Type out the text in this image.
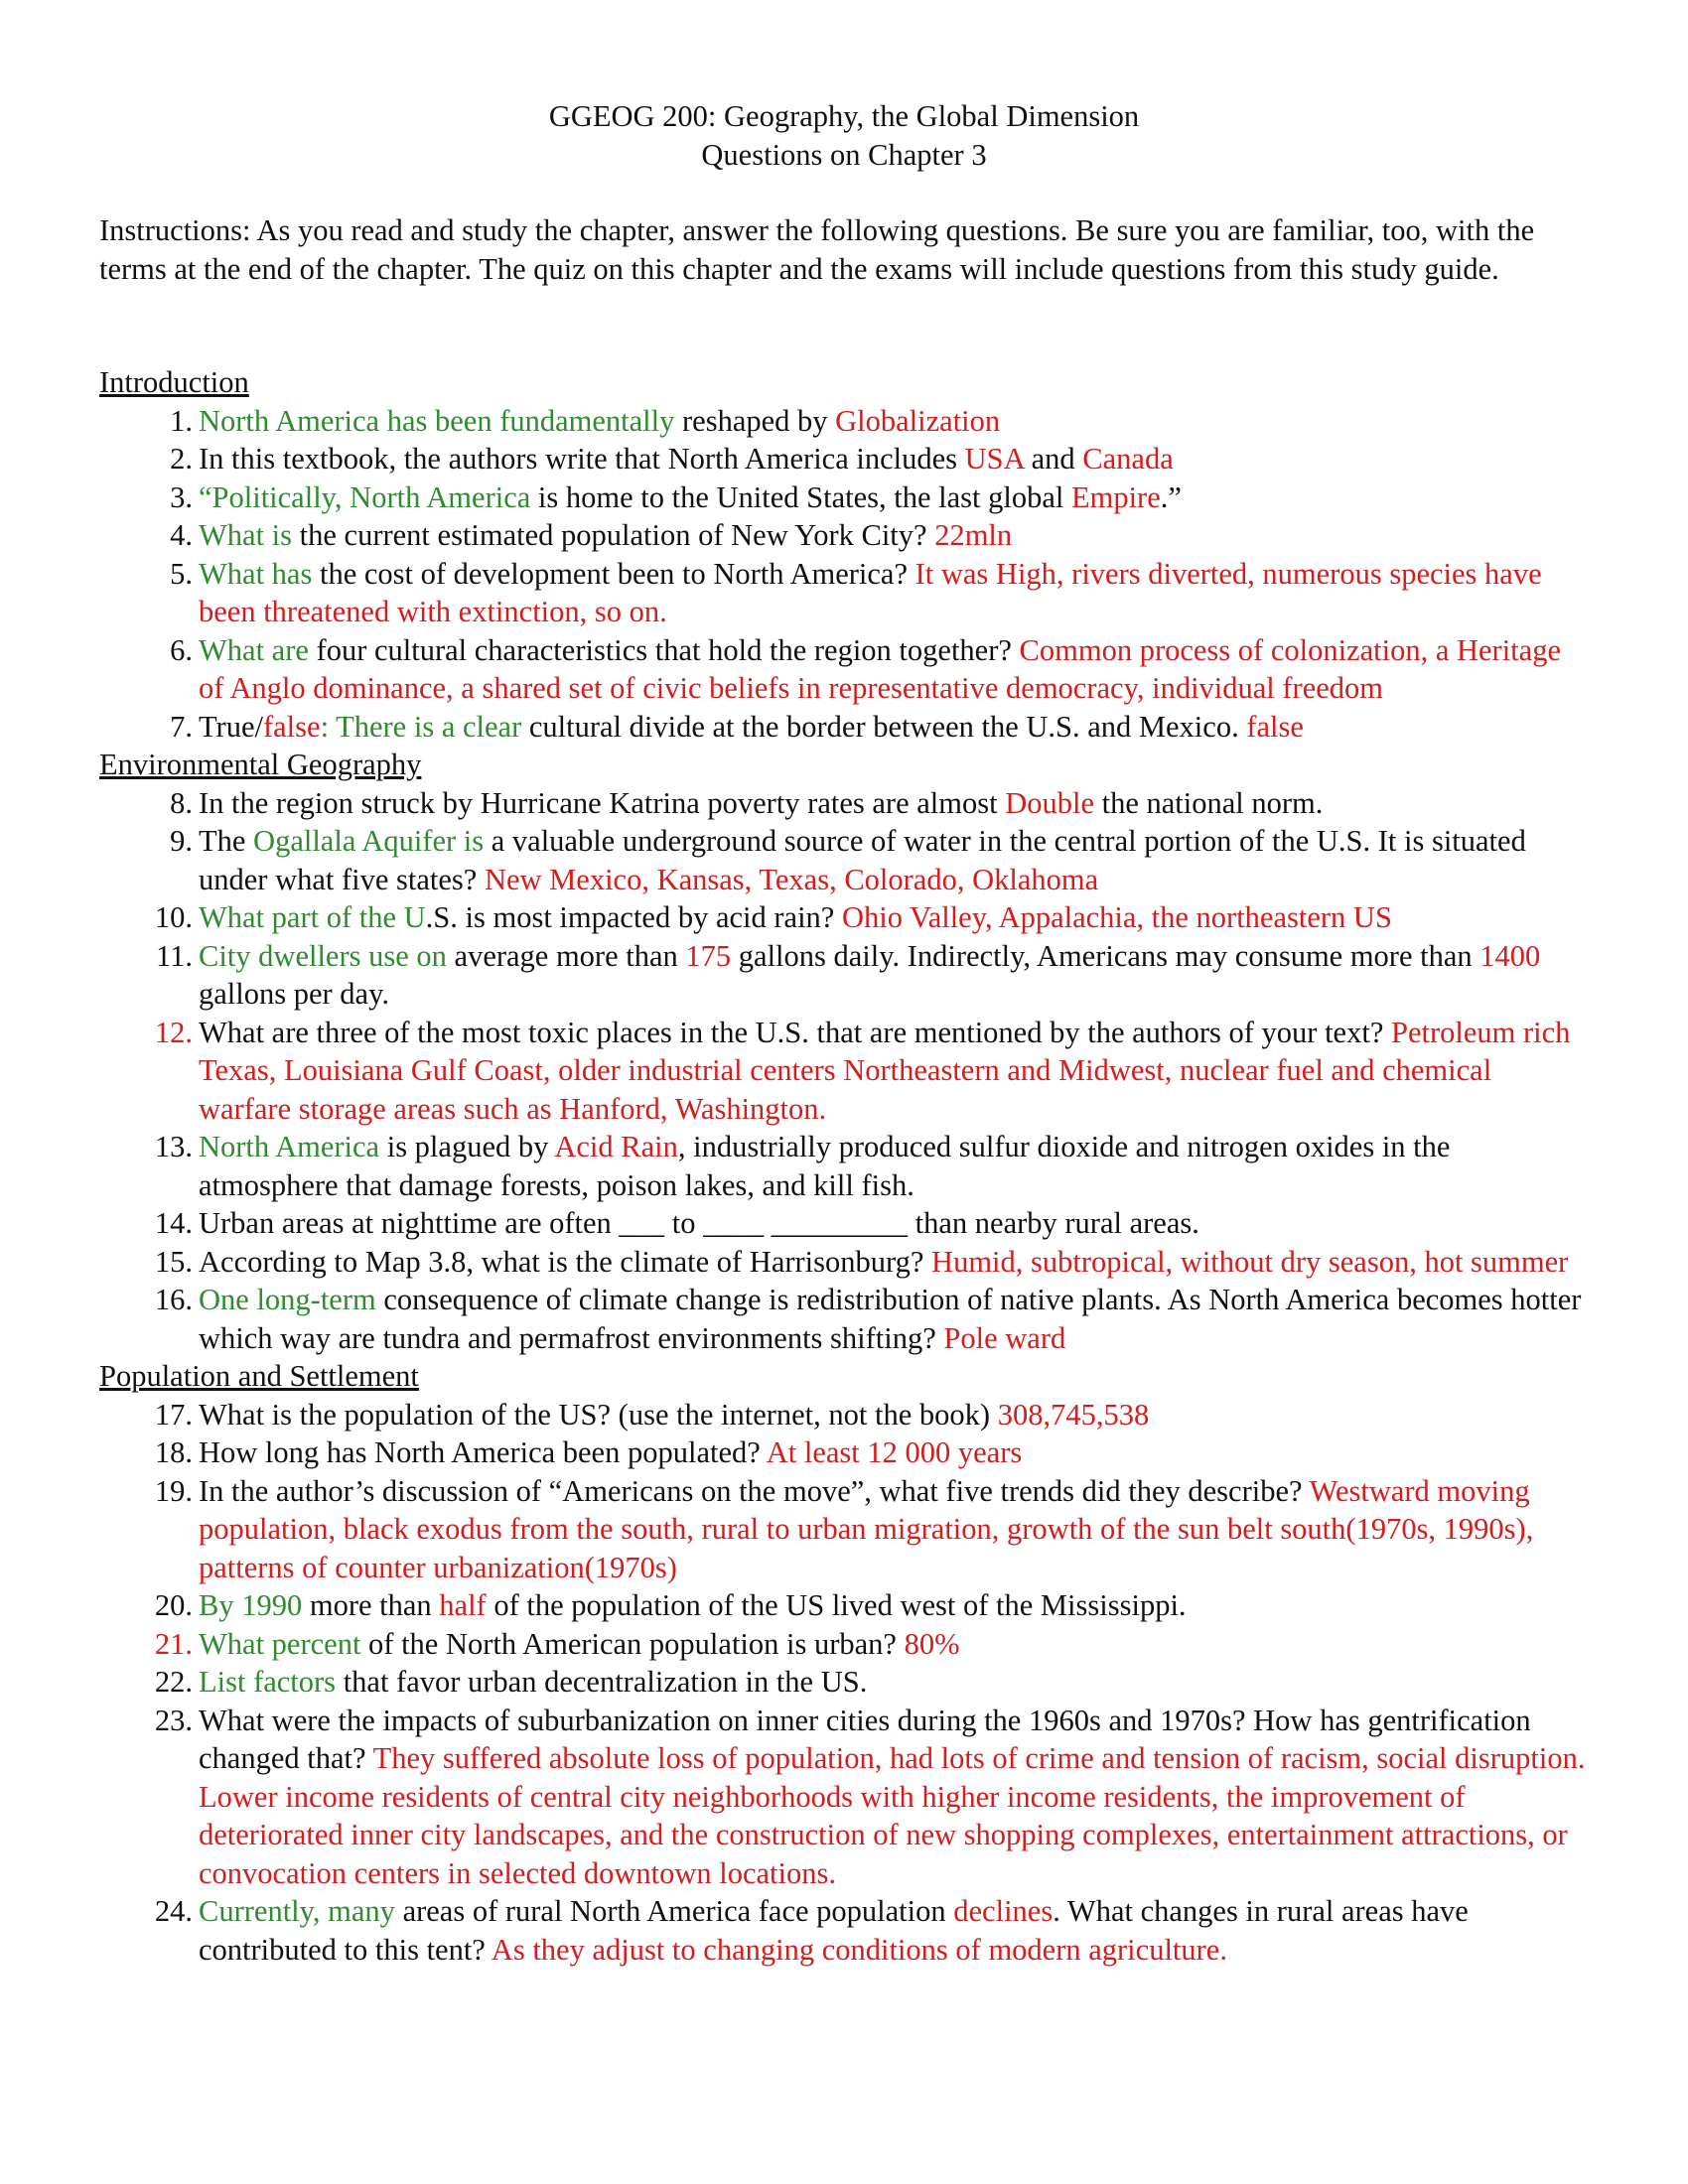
GGEOG 200: Geography, the Global Dimension
Questions on Chapter 3
Instructions: As you read and study the chapter, answer the following questions. Be sure you are familiar, too, with the terms at the end of the chapter. The quiz on this chapter and the exams will include questions from this study guide.
Introduction
1. North America has been fundamentally reshaped by Globalization
2. In this textbook, the authors write that North America includes USA and Canada
3. “Politically, North America is home to the United States, the last global Empire.”
4. What is the current estimated population of New York City? 22mln
5. What has the cost of development been to North America? It was High, rivers diverted, numerous species have been threatened with extinction, so on.
6. What are four cultural characteristics that hold the region together? Common process of colonization, a Heritage of Anglo dominance, a shared set of civic beliefs in representative democracy, individual freedom
7. True/false: There is a clear cultural divide at the border between the U.S. and Mexico. false
Environmental Geography
8. In the region struck by Hurricane Katrina poverty rates are almost Double the national norm.
9. The Ogallala Aquifer is a valuable underground source of water in the central portion of the U.S. It is situated under what five states? New Mexico, Kansas, Texas, Colorado, Oklahoma
10. What part of the U.S. is most impacted by acid rain? Ohio Valley, Appalachia, the northeastern US
11. City dwellers use on average more than 175 gallons daily. Indirectly, Americans may consume more than 1400 gallons per day.
12. What are three of the most toxic places in the U.S. that are mentioned by the authors of your text? Petroleum rich Texas, Louisiana Gulf Coast, older industrial centers Northeastern and Midwest, nuclear fuel and chemical warfare storage areas such as Hanford, Washington.
13. North America is plagued by Acid Rain, industrially produced sulfur dioxide and nitrogen oxides in the atmosphere that damage forests, poison lakes, and kill fish.
14. Urban areas at nighttime are often ___ to ____ _________ than nearby rural areas.
15. According to Map 3.8, what is the climate of Harrisonburg? Humid, subtropical, without dry season, hot summer
16. One long-term consequence of climate change is redistribution of native plants. As North America becomes hotter which way are tundra and permafrost environments shifting? Pole ward
Population and Settlement
17. What is the population of the US? (use the internet, not the book) 308,745,538
18. How long has North America been populated? At least 12 000 years
19. In the author’s discussion of “Americans on the move”, what five trends did they describe? Westward moving population, black exodus from the south, rural to urban migration, growth of the sun belt south(1970s, 1990s), patterns of counter urbanization(1970s)
20. By 1990 more than half of the population of the US lived west of the Mississippi.
21. What percent of the North American population is urban? 80%
22. List factors that favor urban decentralization in the US.
23. What were the impacts of suburbanization on inner cities during the 1960s and 1970s? How has gentrification changed that? They suffered absolute loss of population, had lots of crime and tension of racism, social disruption. Lower income residents of central city neighborhoods with higher income residents, the improvement of deteriorated inner city landscapes, and the construction of new shopping complexes, entertainment attractions, or convocation centers in selected downtown locations.
24. Currently, many areas of rural North America face population declines. What changes in rural areas have contributed to this tent? As they adjust to changing conditions of modern agriculture.
